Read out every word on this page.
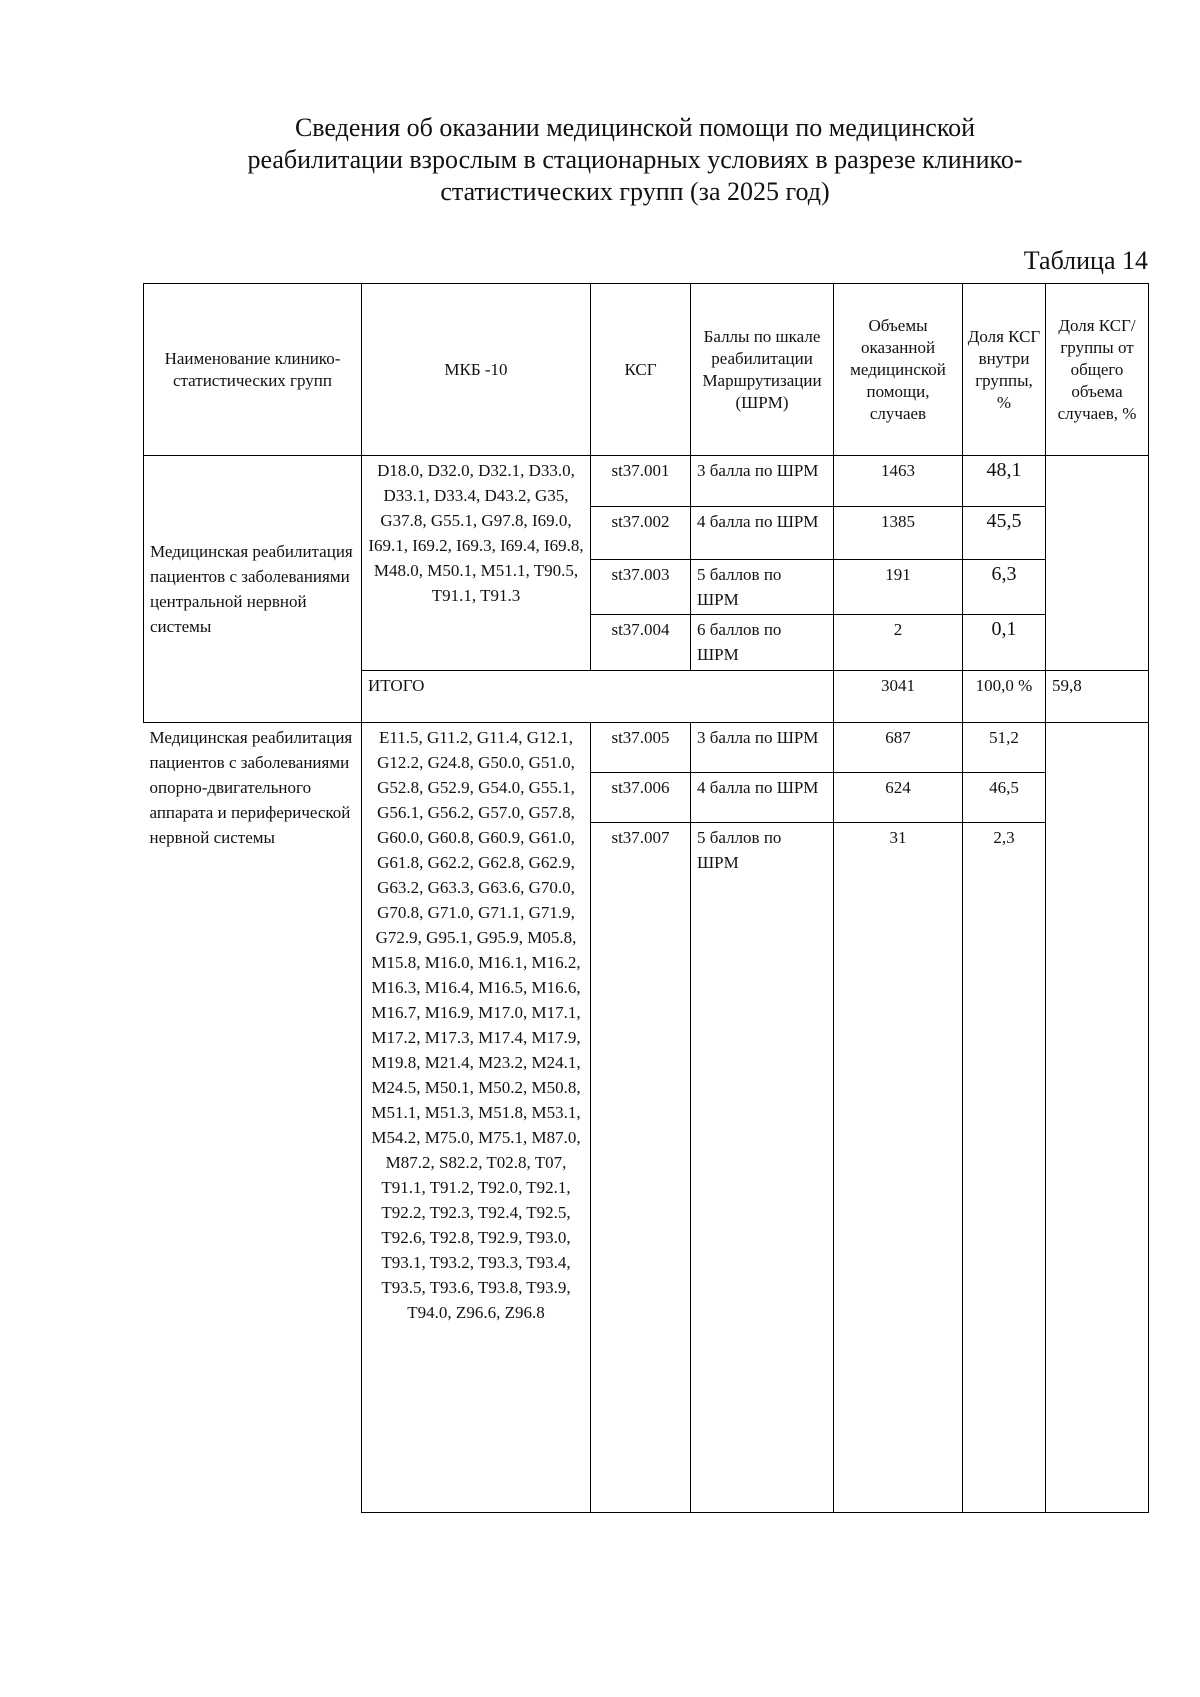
Сведения об оказании медицинской помощи по медицинской
реабилитации взрослым в стационарных условиях в разрезе клинико-
статистических групп (за 2025 год)
Таблица 14
Наименование клинико-статистических групп	МКБ -10	КСГ	Баллы по шкале реабилитации Маршрутизации (ШРМ)	Объемы оказанной медицинской помощи, случаев	Доля КСГ внутри группы, %	Доля КСГ/группы от общего объема случаев, %
Медицинская реабилитация пациентов с заболеваниями центральной нервной системы	D18.0, D32.0, D32.1, D33.0, D33.1, D33.4, D43.2, G35, G37.8, G55.1, G97.8, I69.0, I69.1, I69.2, I69.3, I69.4, I69.8, M48.0, M50.1, M51.1, T90.5, T91.1, T91.3	st37.001	3 балла по ШРМ	1463	48,1	
		st37.002	4 балла по ШРМ	1385	45,5	
		st37.003	5 баллов по ШРМ	191	6,3	
		st37.004	6 баллов по ШРМ	2	0,1	
	ИТОГО			3041	100,0 %	59,8
Медицинская реабилитация пациентов с заболеваниями опорно-двигательного аппарата и периферической нервной системы	E11.5, G11.2, G11.4, G12.1, G12.2, G24.8, G50.0, G51.0, G52.8, G52.9, G54.0, G55.1, G56.1, G56.2, G57.0, G57.8, G60.0, G60.8, G60.9, G61.0, G61.8, G62.2, G62.8, G62.9, G63.2, G63.3, G63.6, G70.0, G70.8, G71.0, G71.1, G71.9, G72.9, G95.1, G95.9, M05.8, M15.8, M16.0, M16.1, M16.2, M16.3, M16.4, M16.5, M16.6, M16.7, M16.9, M17.0, M17.1, M17.2, M17.3, M17.4, M17.9, M19.8, M21.4, M23.2, M24.1, M24.5, M50.1, M50.2, M50.8, M51.1, M51.3, M51.8, M53.1, M54.2, M75.0, M75.1, M87.0, M87.2, S82.2, T02.8, T07, T91.1, T91.2, T92.0, T92.1, T92.2, T92.3, T92.4, T92.5, T92.6, T92.8, T92.9, T93.0, T93.1, T93.2, T93.3, T93.4, T93.5, T93.6, T93.8, T93.9, T94.0, Z96.6, Z96.8	st37.005	3 балла по ШРМ	687	51,2	
		st37.006	4 балла по ШРМ	624	46,5	
		st37.007	5 баллов по ШРМ	31	2,3	
